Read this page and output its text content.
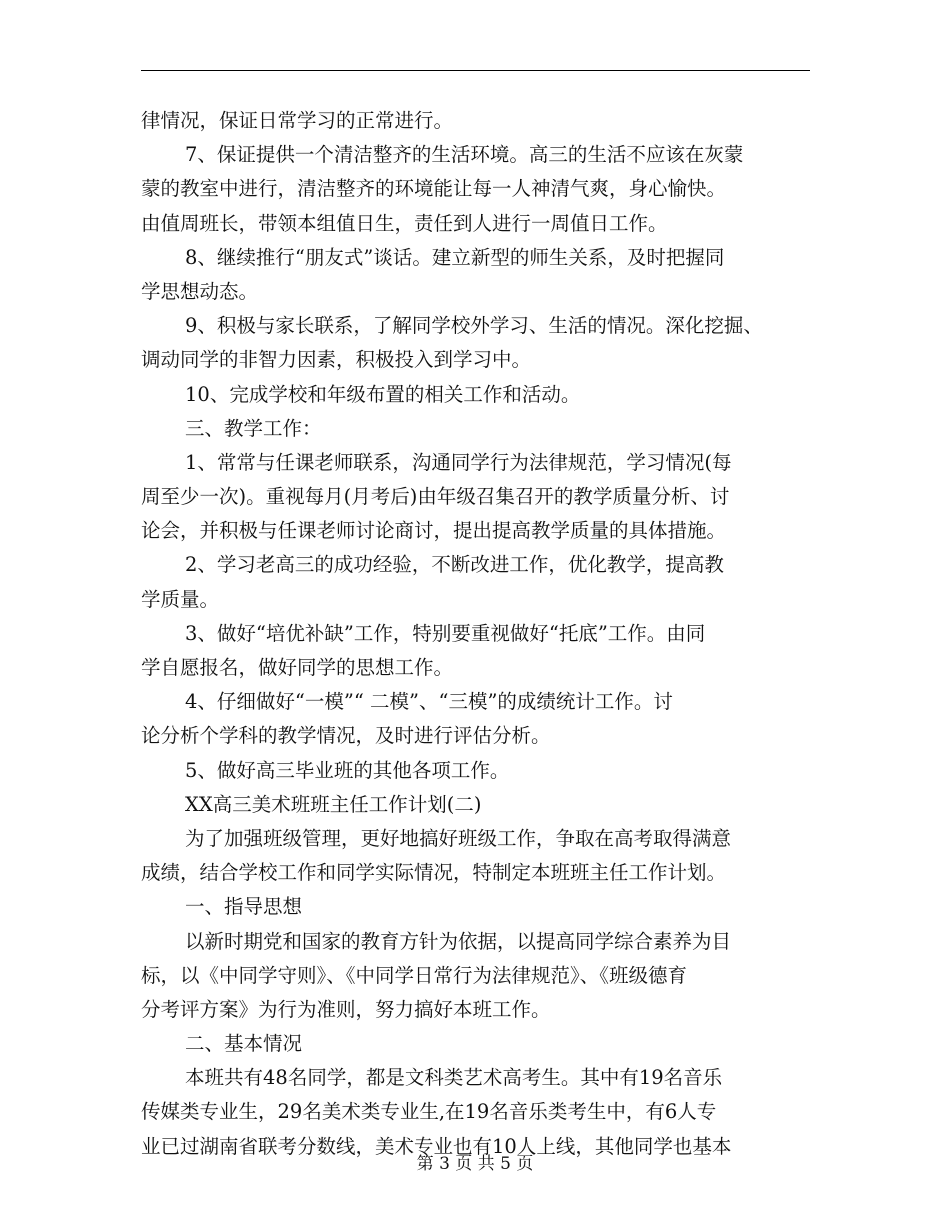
律情况，保证日常学习的正常进行。
7、保证提供一个清洁整齐的生活环境。高三的生活不应该在灰蒙
蒙的教室中进行，清洁整齐的环境能让每一人神清气爽，身心愉快。
由值周班长，带领本组值日生，责任到人进行一周值日工作。
8、继续推行“朋友式”谈话。建立新型的师生关系，及时把握同
学思想动态。
9、积极与家长联系，了解同学校外学习、生活的情况。深化挖掘、
调动同学的非智力因素，积极投入到学习中。
10、完成学校和年级布置的相关工作和活动。
三、教学工作：
1、常常与任课老师联系，沟通同学行为法律规范，学习情况(每
周至少一次)。重视每月(月考后)由年级召集召开的教学质量分析、讨
论会，并积极与任课老师讨论商讨，提出提高教学质量的具体措施。
2、学习老高三的成功经验，不断改进工作，优化教学，提高教
学质量。
3、做好“培优补缺”工作，特别要重视做好“托底”工作。由同
学自愿报名，做好同学的思想工作。
4、仔细做好“一模”“ 二模”、“三模”的成绩统计工作。讨
论分析个学科的教学情况，及时进行评估分析。
5、做好高三毕业班的其他各项工作。
XX高三美术班班主任工作计划(二)
为了加强班级管理，更好地搞好班级工作，争取在高考取得满意
成绩，结合学校工作和同学实际情况，特制定本班班主任工作计划。
一、指导思想
以新时期党和国家的教育方针为依据，以提高同学综合素养为目
标，以《中同学守则》、《中同学日常行为法律规范》、《班级德育
分考评方案》为行为准则，努力搞好本班工作。
二、基本情况
本班共有48名同学，都是文科类艺术高考生。其中有19名音乐
传媒类专业生，29名美术类专业生,在19名音乐类考生中，有6人专
业已过湖南省联考分数线，美术专业也有10人上线，其他同学也基本
第 3 页 共 5 页
